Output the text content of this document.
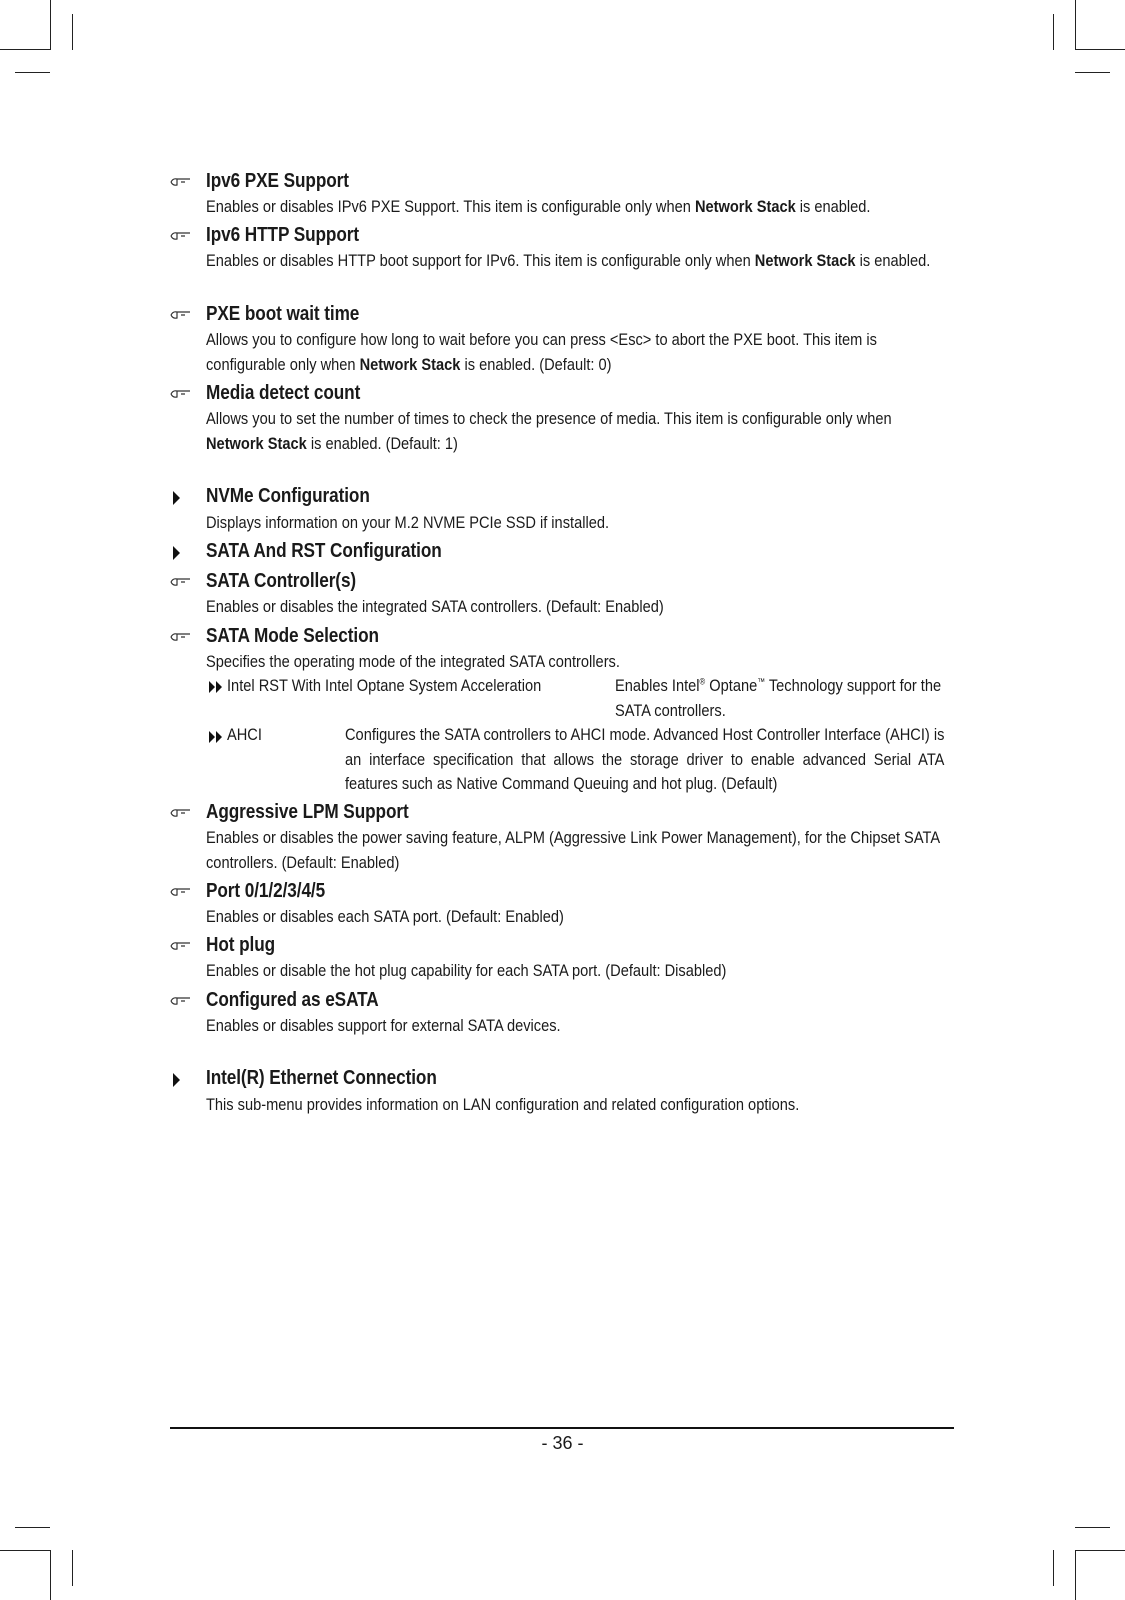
Ipv6 PXE Support
Enables or disables IPv6 PXE Support. This item is configurable only when Network Stack is enabled.
Ipv6 HTTP Support
Enables or disables HTTP boot support for IPv6. This item is configurable only when Network Stack is enabled.
PXE boot wait time
Allows you to configure how long to wait before you can press <Esc> to abort the PXE boot. This item is configurable only when Network Stack is enabled. (Default: 0)
Media detect count
Allows you to set the number of times to check the presence of media. This item is configurable only when Network Stack is enabled. (Default: 1)
NVMe Configuration
Displays information on your M.2 NVME PCIe SSD if installed.
SATA And RST Configuration
SATA Controller(s)
Enables or disables the integrated SATA controllers. (Default: Enabled)
SATA Mode Selection
Specifies the operating mode of the integrated SATA controllers.
Intel RST With Intel Optane System Acceleration	Enables Intel® Optane™ Technology support for the SATA controllers.
AHCI	Configures the SATA controllers to AHCI mode. Advanced Host Controller Interface (AHCI) is an interface specification that allows the storage driver to enable advanced Serial ATA features such as Native Command Queuing and hot plug. (Default)
Aggressive LPM Support
Enables or disables the power saving feature, ALPM (Aggressive Link Power Management), for the Chipset SATA controllers. (Default: Enabled)
Port 0/1/2/3/4/5
Enables or disables each SATA port. (Default: Enabled)
Hot plug
Enables or disable the hot plug capability for each SATA port. (Default: Disabled)
Configured as eSATA
Enables or disables support for external SATA devices.
Intel(R) Ethernet Connection
This sub-menu provides information on LAN configuration and related configuration options.
- 36 -
